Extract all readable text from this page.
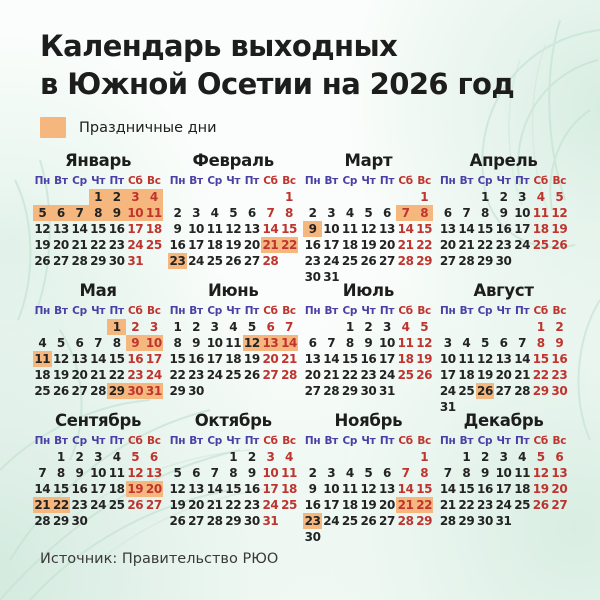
Календарь выходных
в Южной Осетии на 2026 год
Праздничные дни
Январь
Пн Вт Ср Чт Пт Сб Вс
1 2 3 4
5 6 7 8 9 10 11
12 13 14 15 16 17 18
19 20 21 22 23 24 25
26 27 28 29 30 31
Февраль
Пн Вт Ср Чт Пт Сб Вс
1
2 3 4 5 6 7 8
9 10 11 12 13 14 15
16 17 18 19 20 21 22
23 24 25 26 27 28
Март
Пн Вт Ср Чт Пт Сб Вс
1
2 3 4 5 6 7 8
9 10 11 12 13 14 15
16 17 18 19 20 21 22
23 24 25 26 27 28 29
30 31
Апрель
Пн Вт Ср Чт Пт Сб Вс
1 2 3 4 5
6 7 8 9 10 11 12
13 14 15 16 17 18 19
20 21 22 23 24 25 26
27 28 29 30
Мая
Пн Вт Ср Чт Пт Сб Вс
1 2 3
4 5 6 7 8 9 10
11 12 13 14 15 16 17
18 19 20 21 22 23 24
25 26 27 28 29 30 31
Июнь
Пн Вт Ср Чт Пт Сб Вс
1 2 3 4 5 6 7
8 9 10 11 12 13 14
15 16 17 18 19 20 21
22 23 24 25 26 27 28
29 30
Июль
Пн Вт Ср Чт Пт Сб Вс
1 2 3 4 5
6 7 8 9 10 11 12
13 14 15 16 17 18 19
20 21 22 23 24 25 26
27 28 29 30 31
Август
Пн Вт Ср Чт Пт Сб Вс
1 2
3 4 5 6 7 8 9
10 11 12 13 14 15 16
17 18 19 20 21 22 23
24 25 26 27 28 29 30
31
Сентябрь
Пн Вт Ср Чт Пт Сб Вс
1 2 3 4 5 6
7 8 9 10 11 12 13
14 15 16 17 18 19 20
21 22 23 24 25 26 27
28 29 30
Октябрь
Пн Вт Ср Чт Пт Сб Вс
1 2 3 4
5 6 7 8 9 10 11
12 13 14 15 16 17 18
19 20 21 22 23 24 25
26 27 28 29 30 31
Ноябрь
Пн Вт Ср Чт Пт Сб Вс
1
2 3 4 5 6 7 8
9 10 11 12 13 14 15
16 17 18 19 20 21 22
23 24 25 26 27 28 29
30
Декабрь
Пн Вт Ср Чт Пт Сб Вс
1 2 3 4 5 6
7 8 9 10 11 12 13
14 15 16 17 18 19 20
21 22 23 24 25 26 27
28 29 30 31
Источник: Правительство РЮО
